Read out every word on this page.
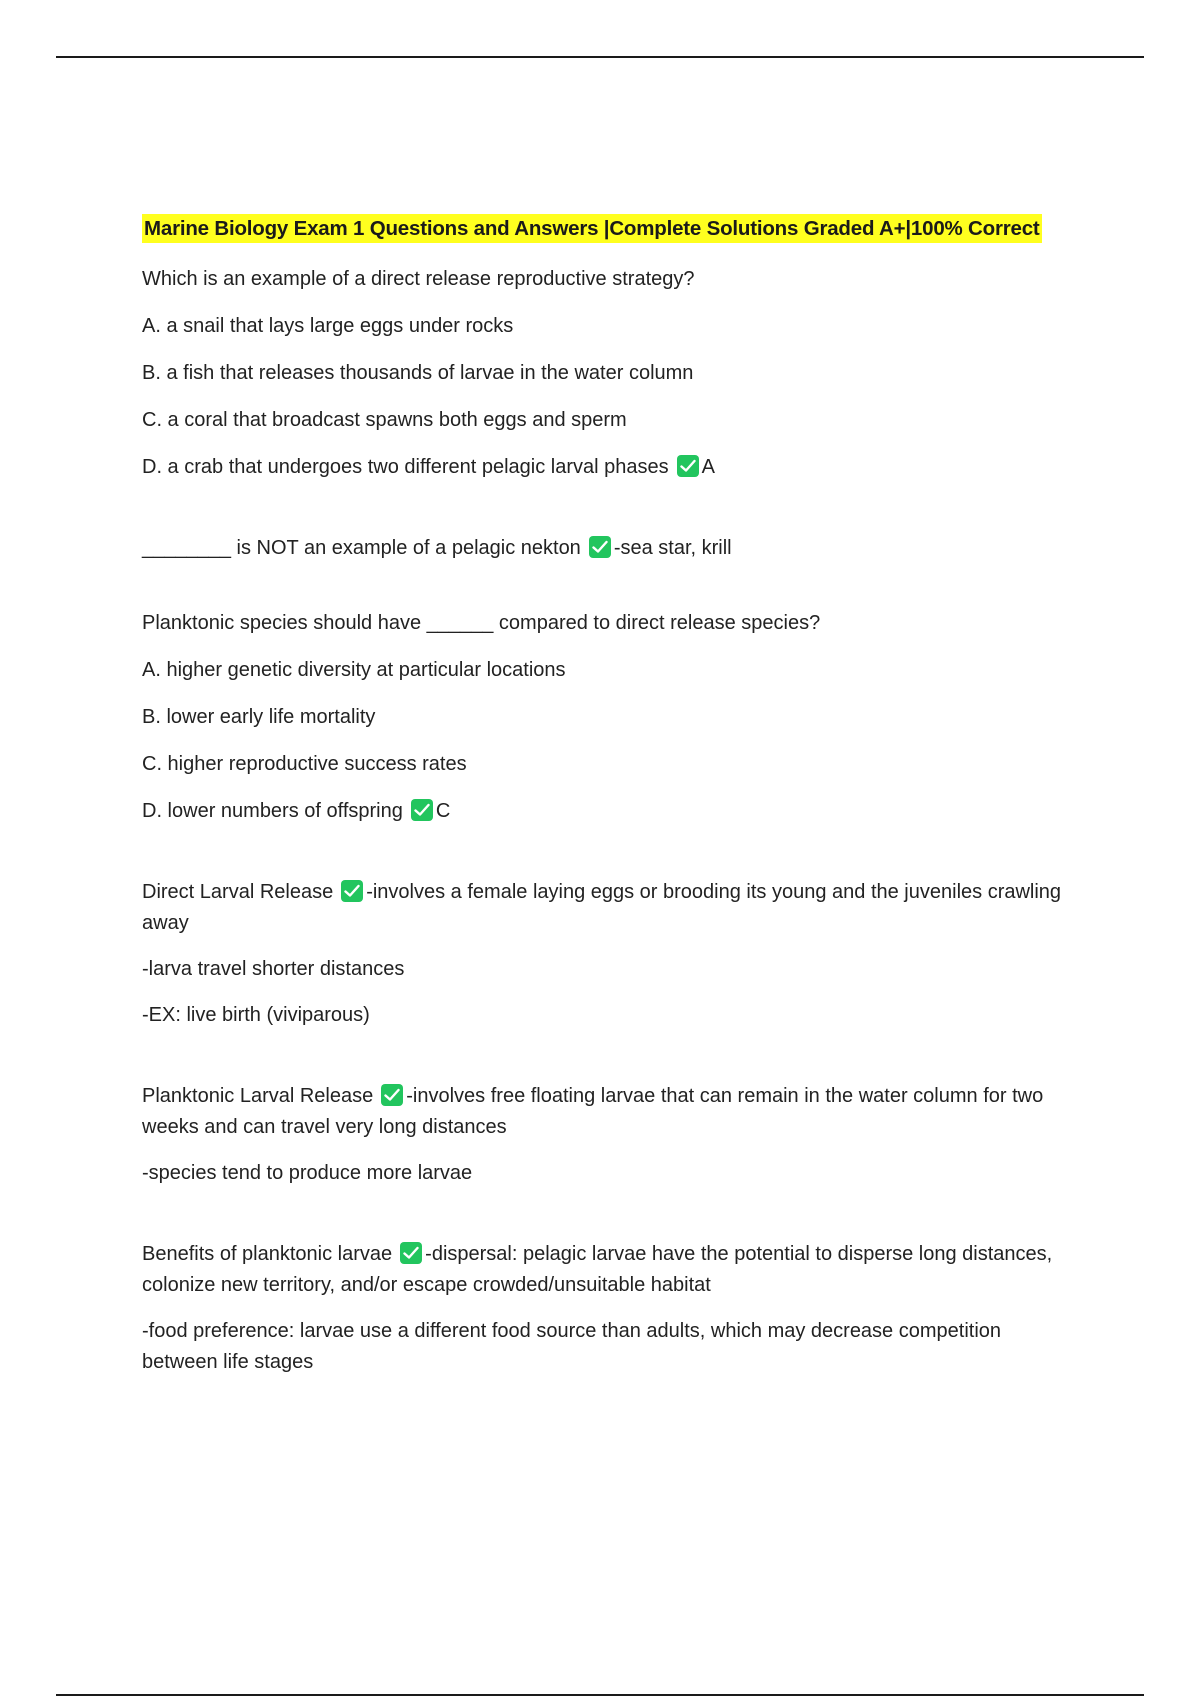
Marine Biology Exam 1 Questions and Answers |Complete Solutions Graded A+|100% Correct

Which is an example of a direct release reproductive strategy?

A. a snail that lays large eggs under rocks

B. a fish that releases thousands of larvae in the water column

C. a coral that broadcast spawns both eggs and sperm

D. a crab that undergoes two different pelagic larval phases A

________ is NOT an example of a pelagic nekton -sea star, krill

Planktonic species should have ______ compared to direct release species?

A. higher genetic diversity at particular locations

B. lower early life mortality

C. higher reproductive success rates

D. lower numbers of offspring C

Direct Larval Release -involves a female laying eggs or brooding its young and the juveniles crawling away

-larva travel shorter distances

-EX: live birth (viviparous)

Planktonic Larval Release -involves free floating larvae that can remain in the water column for two weeks and can travel very long distances

-species tend to produce more larvae

Benefits of planktonic larvae -dispersal: pelagic larvae have the potential to disperse long distances, colonize new territory, and/or escape crowded/unsuitable habitat

-food preference: larvae use a different food source than adults, which may decrease competition between life stages
